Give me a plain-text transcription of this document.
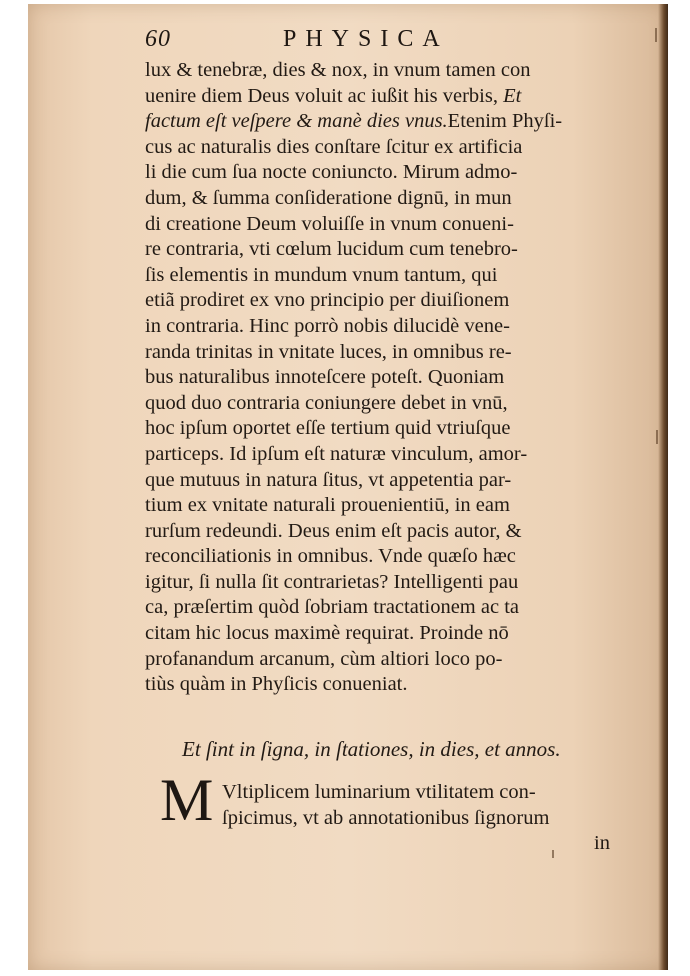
60	PHYSICA
lux & tenebræ, dies & nox, in vnum tamen con
uenire diem Deus voluit ac iußit his verbis, Et
factum eſt veſpere & manè dies vnus.Etenim Phyſi-
cus ac naturalis dies conſtare ſcitur ex artificia
li die cum ſua nocte coniuncto. Mirum admo-
dum, & ſumma conſideratione dignū, in mun
di creatione Deum voluiſſe in vnum conueni-
re contraria, vti cœlum lucidum cum tenebro-
ſis elementis in mundum vnum tantum, qui
etiã prodiret ex vno principio per diuiſionem
in contraria. Hinc porrò nobis dilucidè vene-
randa trinitas in vnitate luces, in omnibus re-
bus naturalibus innoteſcere poteſt. Quoniam
quod duo contraria coniungere debet in vnū,
hoc ipſum oportet eſſe tertium quid vtriuſque
particeps. Id ipſum eſt naturæ vinculum, amor-
que mutuus in natura ſitus, vt appetentia par-
tium ex vnitate naturali prouenientiū, in eam
rurſum redeundi. Deus enim eſt pacis autor, &
reconciliationis in omnibus. Vnde quæſo hæc
igitur, ſi nulla ſit contrarietas? Intelligenti pau
ca, præſertim quòd ſobriam tractationem ac ta
citam hic locus maximè requirat. Proinde nō
profanandum arcanum, cùm altiori loco po-
tiùs quàm in Phyſicis conueniat.
Et ſint in ſigna, in ſtationes, in dies, et annos.
M Vltiplicem luminarium vtilitatem con-
ſpicimus, vt ab annotationibus ſignorum
in
